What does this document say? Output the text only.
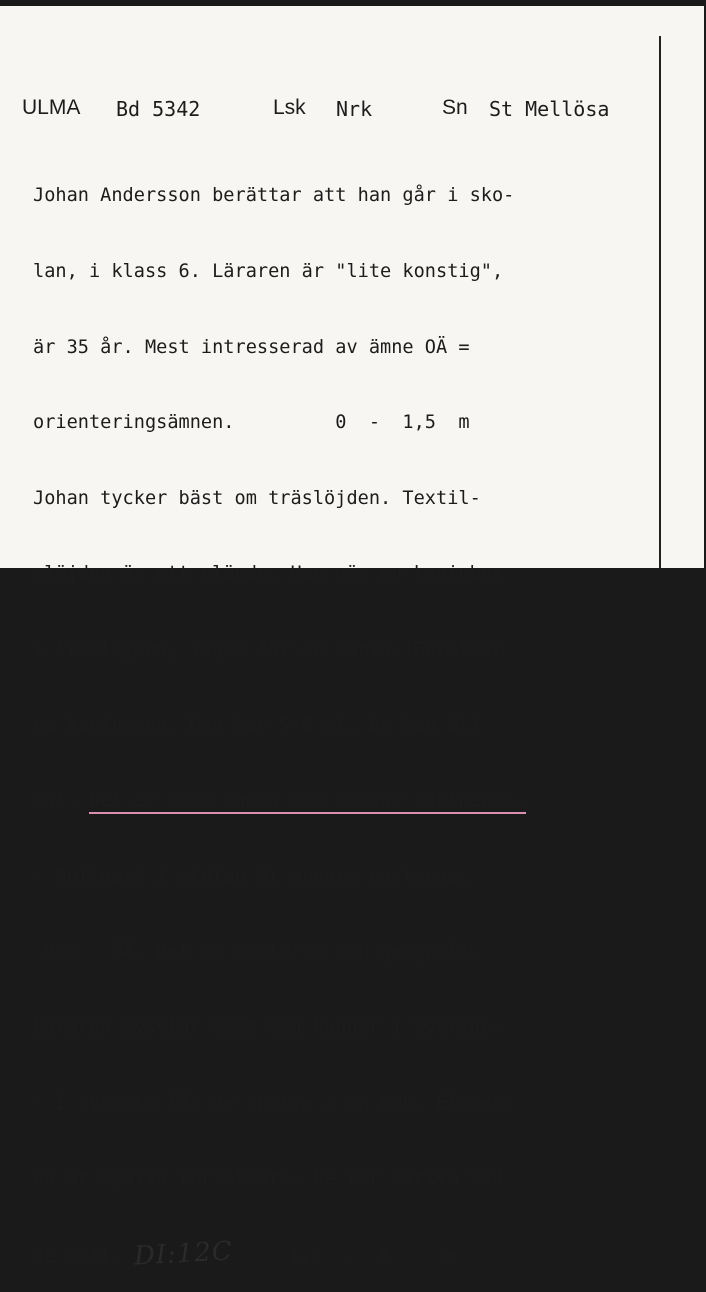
ULMA Bd 5342	Lsk Nrk	Sn St Mellösa

Johan Andersson berättar att han går i sko-

lan, i klass 6. Läraren är "lite konstig",

är 35 år. Mest intresserad av ämne OÄ =

orienteringsämnen.         0  -  1,5  m

Johan tycker bäst om träslöjden. Textil-

slöjden är ett elände. Han gör en kaninbur

i träslöjden, lagom för en kanin. Berättar

om kaninerna. Han har 5-6 st. De kan bli

mat. Det är mest mamma som passar kaninerna.

- Roligast i skolan är annars rasterna.

Och   OÄ. Det är historia och geografi.

Läraren sysslar mest med kungar i Sverige.

- I svenska får de skriva i en bok. Elever-

na är själva författare. De får skriva vad

de vill. DI:12C     1,5  -  5     m
